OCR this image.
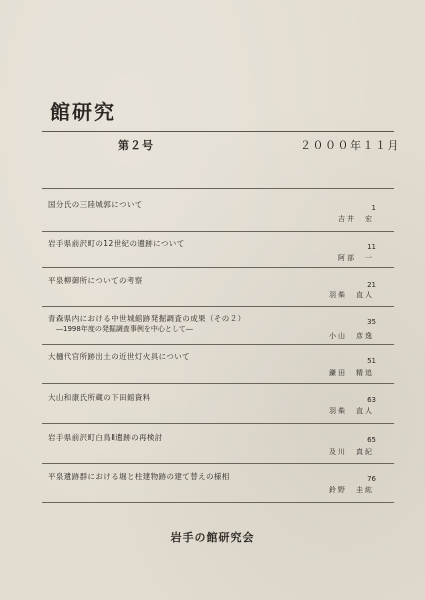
館研究
第２号	２０００年１１月
国分氏の三陸城郭について	1
吉井　宏
岩手県前沢町の12世紀の遺跡について	11
阿部　一
平泉柳御所についての考察	21
羽柴　直人
青森県内における中世城館跡発掘調査の成果（その２）
―1998年度の発掘調査事例を中心として―
35
小山　彦逸
大樋代官所跡出土の近世灯火具について	51
鎌田　精追
大山和康氏所蔵の下田館資料	63
羽柴　直人
岩手県前沢町白鳥Ⅱ遺跡の再検討	65
及川　真紀
平泉遺跡群における堀と柱建物跡の建て替えの様相	76
鈴野　圭紘
岩手の館研究会
